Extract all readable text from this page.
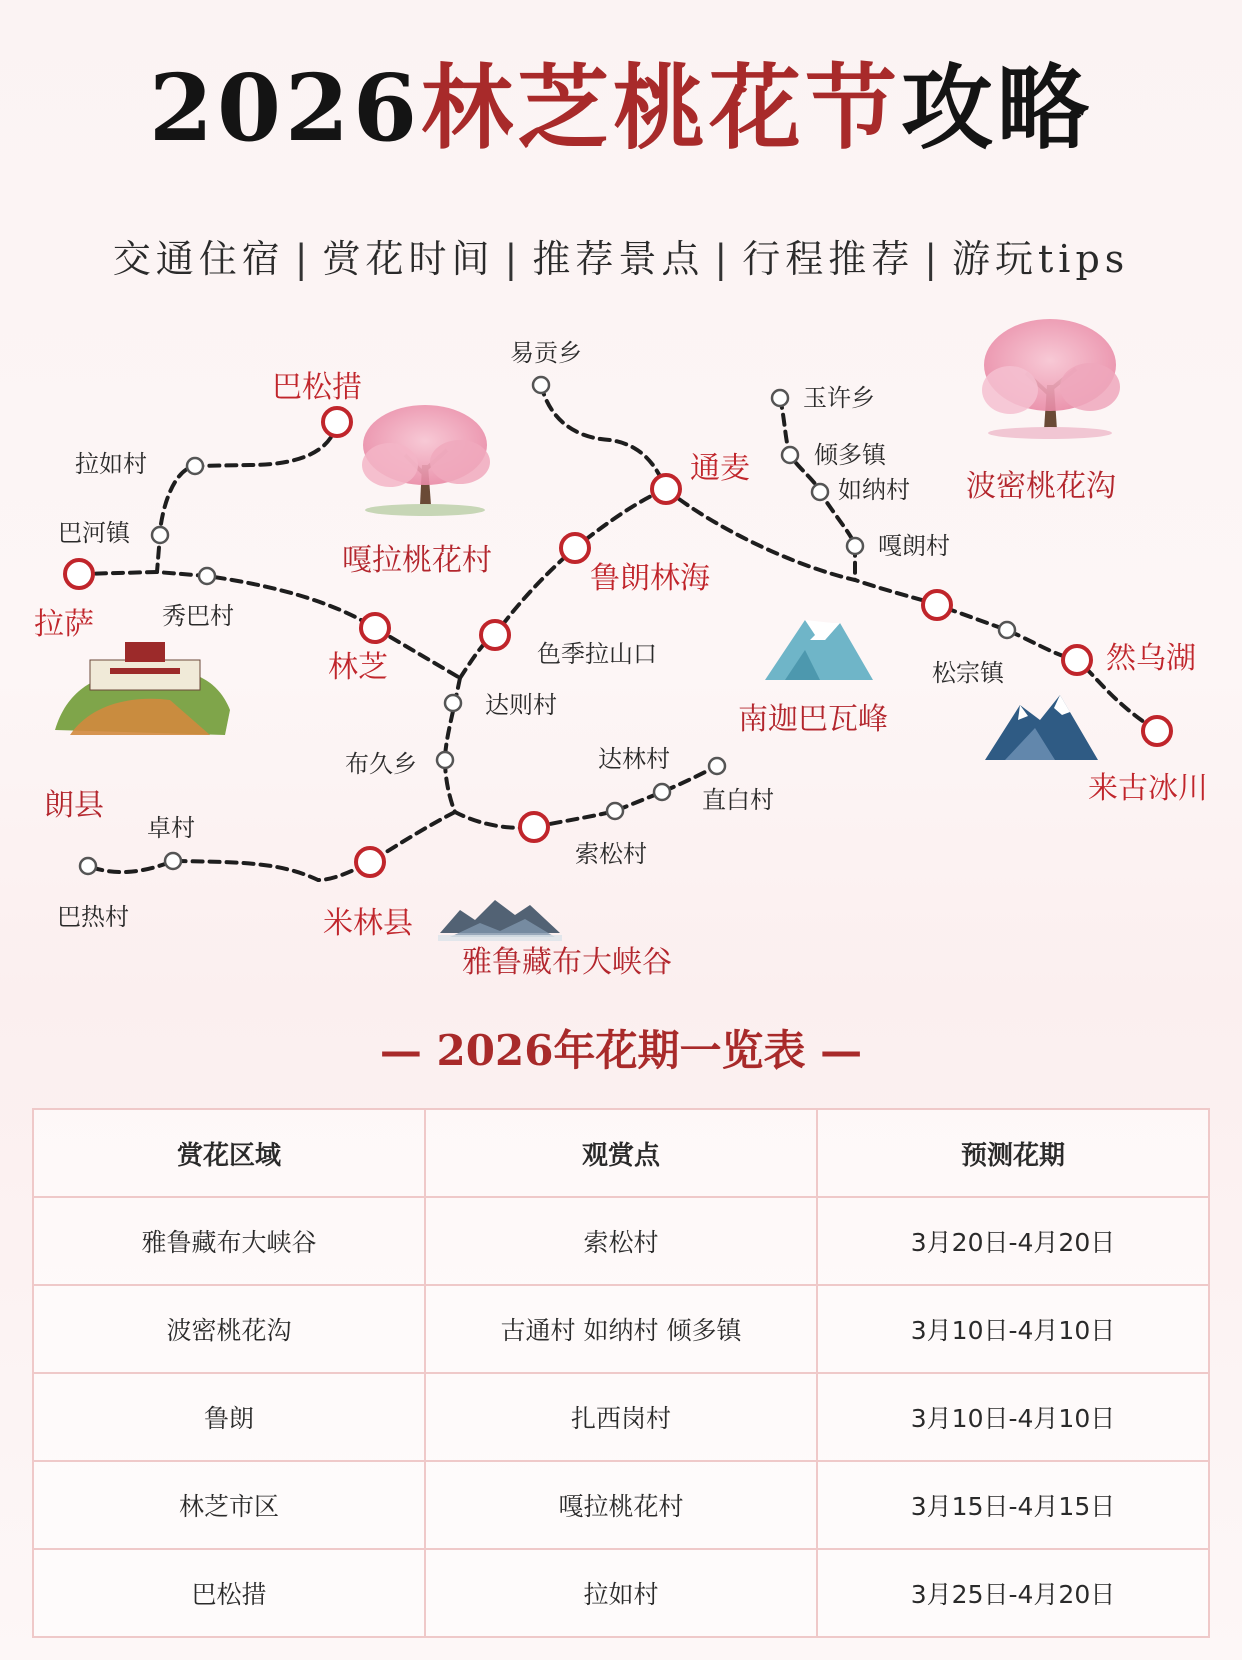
2026林芝桃花节攻略
交通住宿 | 赏花时间 | 推荐景点 | 行程推荐 | 游玩tips
巴松措
拉萨
林芝
通麦
鲁朗林海
米林县
然乌湖
来古冰川
色季拉山口
索松村
易贡乡
拉如村
巴河镇
秀巴村
达则村
布久乡
卓村
巴热村
达林村
直白村
玉许乡
倾多镇
如纳村
嘎朗村
松宗镇
嘎拉桃花村
波密桃花沟
南迦巴瓦峰
雅鲁藏布大峡谷
朗县
— 2026年花期一览表 —
赏花区域	观赏点	预测花期
雅鲁藏布大峡谷	索松村	3月20日-4月20日
波密桃花沟	古通村 如纳村 倾多镇	3月10日-4月10日
鲁朗	扎西岗村	3月10日-4月10日
林芝市区	嘎拉桃花村	3月15日-4月15日
巴松措	拉如村	3月25日-4月20日
